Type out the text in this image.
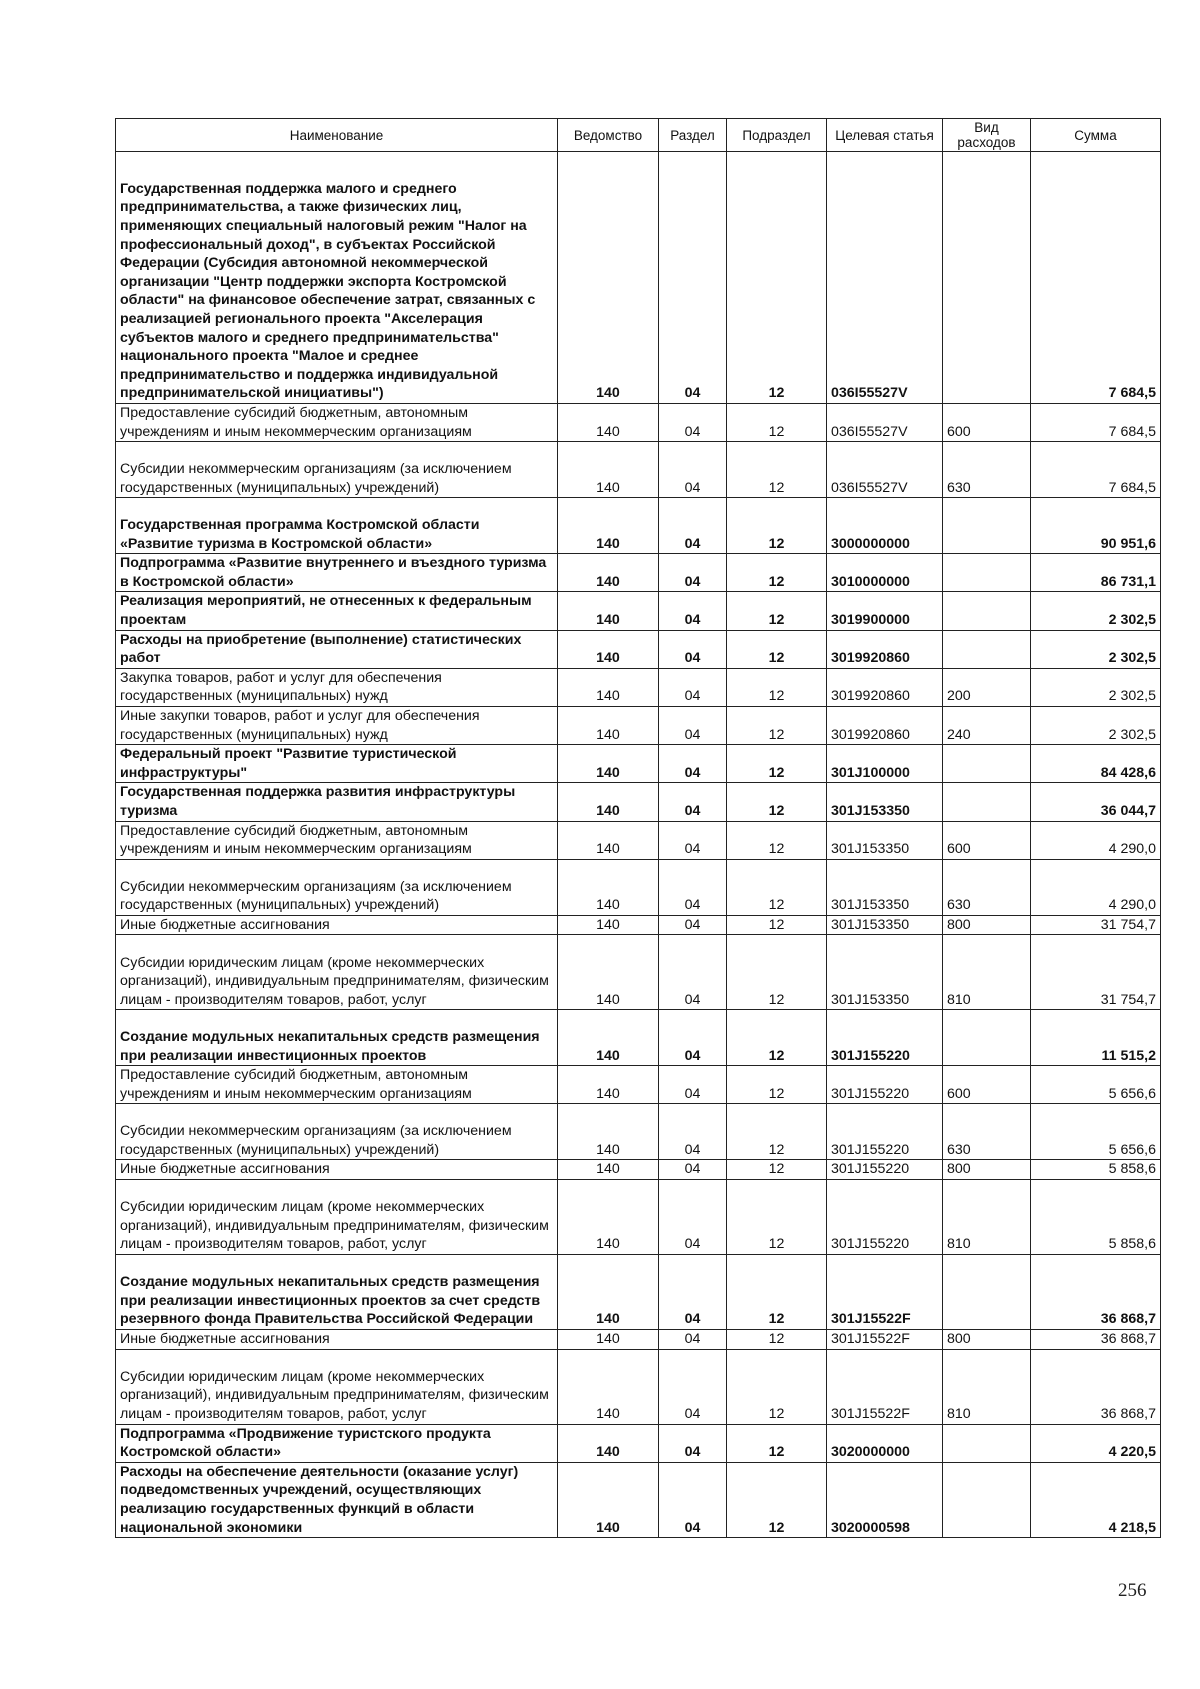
Наименование	Ведомство	Раздел	Подраздел	Целевая статья	Вид расходов	Сумма
Государственная поддержка малого и среднего предпринимательства, а также физических лиц, применяющих специальный налоговый режим "Налог на профессиональный доход", в субъектах Российской Федерации (Субсидия автономной некоммерческой организации "Центр поддержки экспорта Костромской области" на финансовое обеспечение затрат, связанных с реализацией регионального проекта "Акселерация субъектов малого и среднего предпринимательства" национального проекта "Малое и среднее предпринимательство и поддержка индивидуальной предпринимательской инициативы")	140	04	12	036I55527V		7 684,5
Предоставление субсидий бюджетным, автономным учреждениям и иным некоммерческим организациям	140	04	12	036I55527V	600	7 684,5
Субсидии некоммерческим организациям (за исключением государственных (муниципальных) учреждений)	140	04	12	036I55527V	630	7 684,5
Государственная программа Костромской области «Развитие туризма в Костромской области»	140	04	12	3000000000		90 951,6
Подпрограмма «Развитие внутреннего и въездного туризма в Костромской области»	140	04	12	3010000000		86 731,1
Реализация мероприятий, не отнесенных к федеральным проектам	140	04	12	3019900000		2 302,5
Расходы на приобретение (выполнение) статистических работ	140	04	12	3019920860		2 302,5
Закупка товаров, работ и услуг для обеспечения государственных (муниципальных) нужд	140	04	12	3019920860	200	2 302,5
Иные закупки товаров, работ и услуг для обеспечения государственных (муниципальных) нужд	140	04	12	3019920860	240	2 302,5
Федеральный проект "Развитие туристической инфраструктуры"	140	04	12	301J100000		84 428,6
Государственная поддержка развития инфраструктуры туризма	140	04	12	301J153350		36 044,7
Предоставление субсидий бюджетным, автономным учреждениям и иным некоммерческим организациям	140	04	12	301J153350	600	4 290,0
Субсидии некоммерческим организациям (за исключением государственных (муниципальных) учреждений)	140	04	12	301J153350	630	4 290,0
Иные бюджетные ассигнования	140	04	12	301J153350	800	31 754,7
Субсидии юридическим лицам (кроме некоммерческих организаций), индивидуальным предпринимателям, физическим лицам - производителям товаров, работ, услуг	140	04	12	301J153350	810	31 754,7
Создание модульных некапитальных средств размещения при реализации инвестиционных проектов	140	04	12	301J155220		11 515,2
Предоставление субсидий бюджетным, автономным учреждениям и иным некоммерческим организациям	140	04	12	301J155220	600	5 656,6
Субсидии некоммерческим организациям (за исключением государственных (муниципальных) учреждений)	140	04	12	301J155220	630	5 656,6
Иные бюджетные ассигнования	140	04	12	301J155220	800	5 858,6
Субсидии юридическим лицам (кроме некоммерческих организаций), индивидуальным предпринимателям, физическим лицам - производителям товаров, работ, услуг	140	04	12	301J155220	810	5 858,6
Создание модульных некапитальных средств размещения при реализации инвестиционных проектов за счет средств резервного фонда Правительства Российской Федерации	140	04	12	301J15522F		36 868,7
Иные бюджетные ассигнования	140	04	12	301J15522F	800	36 868,7
Субсидии юридическим лицам (кроме некоммерческих организаций), индивидуальным предпринимателям, физическим лицам - производителям товаров, работ, услуг	140	04	12	301J15522F	810	36 868,7
Подпрограмма «Продвижение туристского продукта Костромской области»	140	04	12	3020000000		4 220,5
Расходы на обеспечение деятельности (оказание услуг) подведомственных учреждений, осуществляющих реализацию государственных функций в области национальной экономики	140	04	12	3020000598		4 218,5
256
